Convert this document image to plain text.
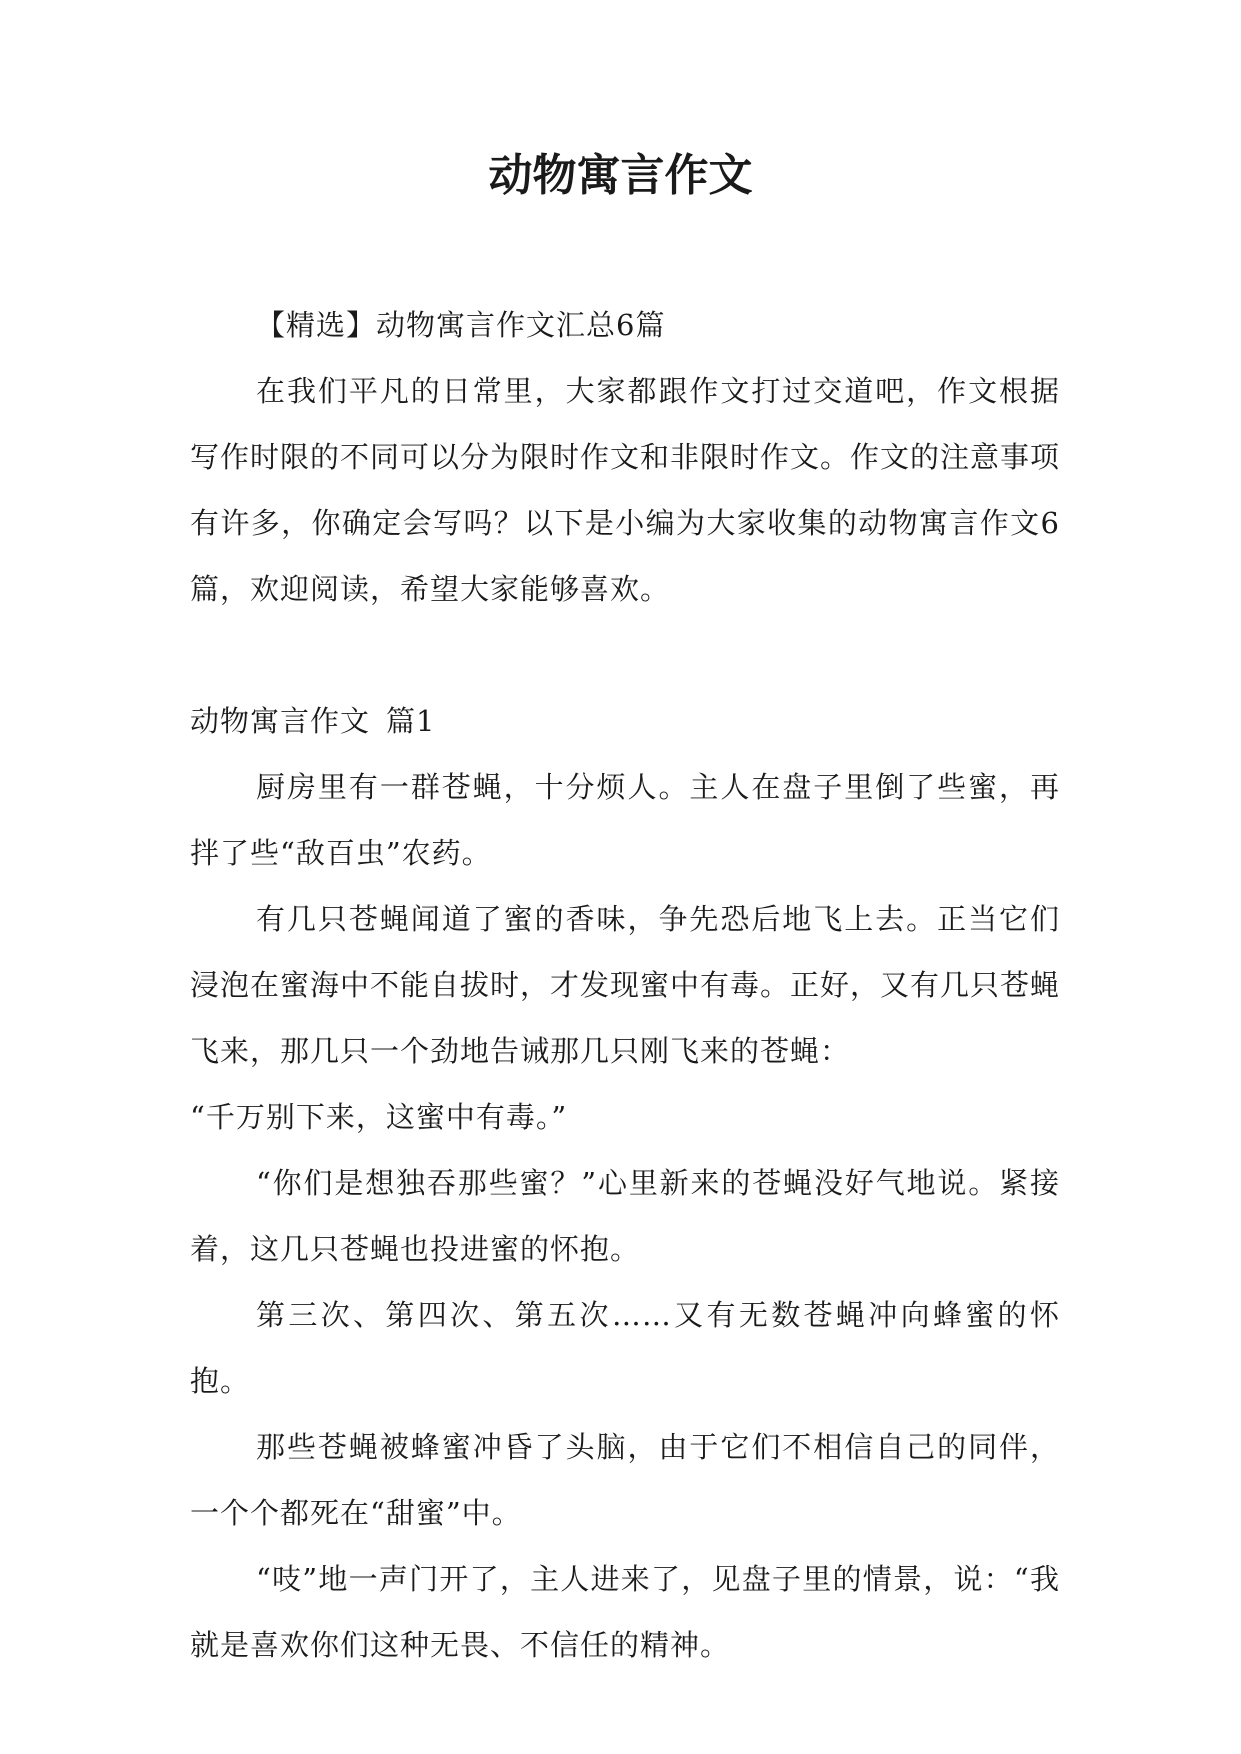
动物寓言作文

【精选】动物寓言作文汇总6篇

在我们平凡的日常里，大家都跟作文打过交道吧，作文根据写作时限的不同可以分为限时作文和非限时作文。作文的注意事项有许多，你确定会写吗？以下是小编为大家收集的动物寓言作文6篇，欢迎阅读，希望大家能够喜欢。

动物寓言作文 篇1

厨房里有一群苍蝇，十分烦人。主人在盘子里倒了些蜜，再拌了些“敌百虫”农药。

有几只苍蝇闻道了蜜的香味，争先恐后地飞上去。正当它们浸泡在蜜海中不能自拔时，才发现蜜中有毒。正好，又有几只苍蝇飞来，那几只一个劲地告诫那几只刚飞来的苍蝇：

“千万别下来，这蜜中有毒。”

“你们是想独吞那些蜜？”心里新来的苍蝇没好气地说。紧接着，这几只苍蝇也投进蜜的怀抱。

第三次、第四次、第五次……又有无数苍蝇冲向蜂蜜的怀抱。

那些苍蝇被蜂蜜冲昏了头脑，由于它们不相信自己的同伴，一个个都死在“甜蜜”中。

“吱”地一声门开了，主人进来了，见盘子里的情景，说：“我就是喜欢你们这种无畏、不信任的精神。
